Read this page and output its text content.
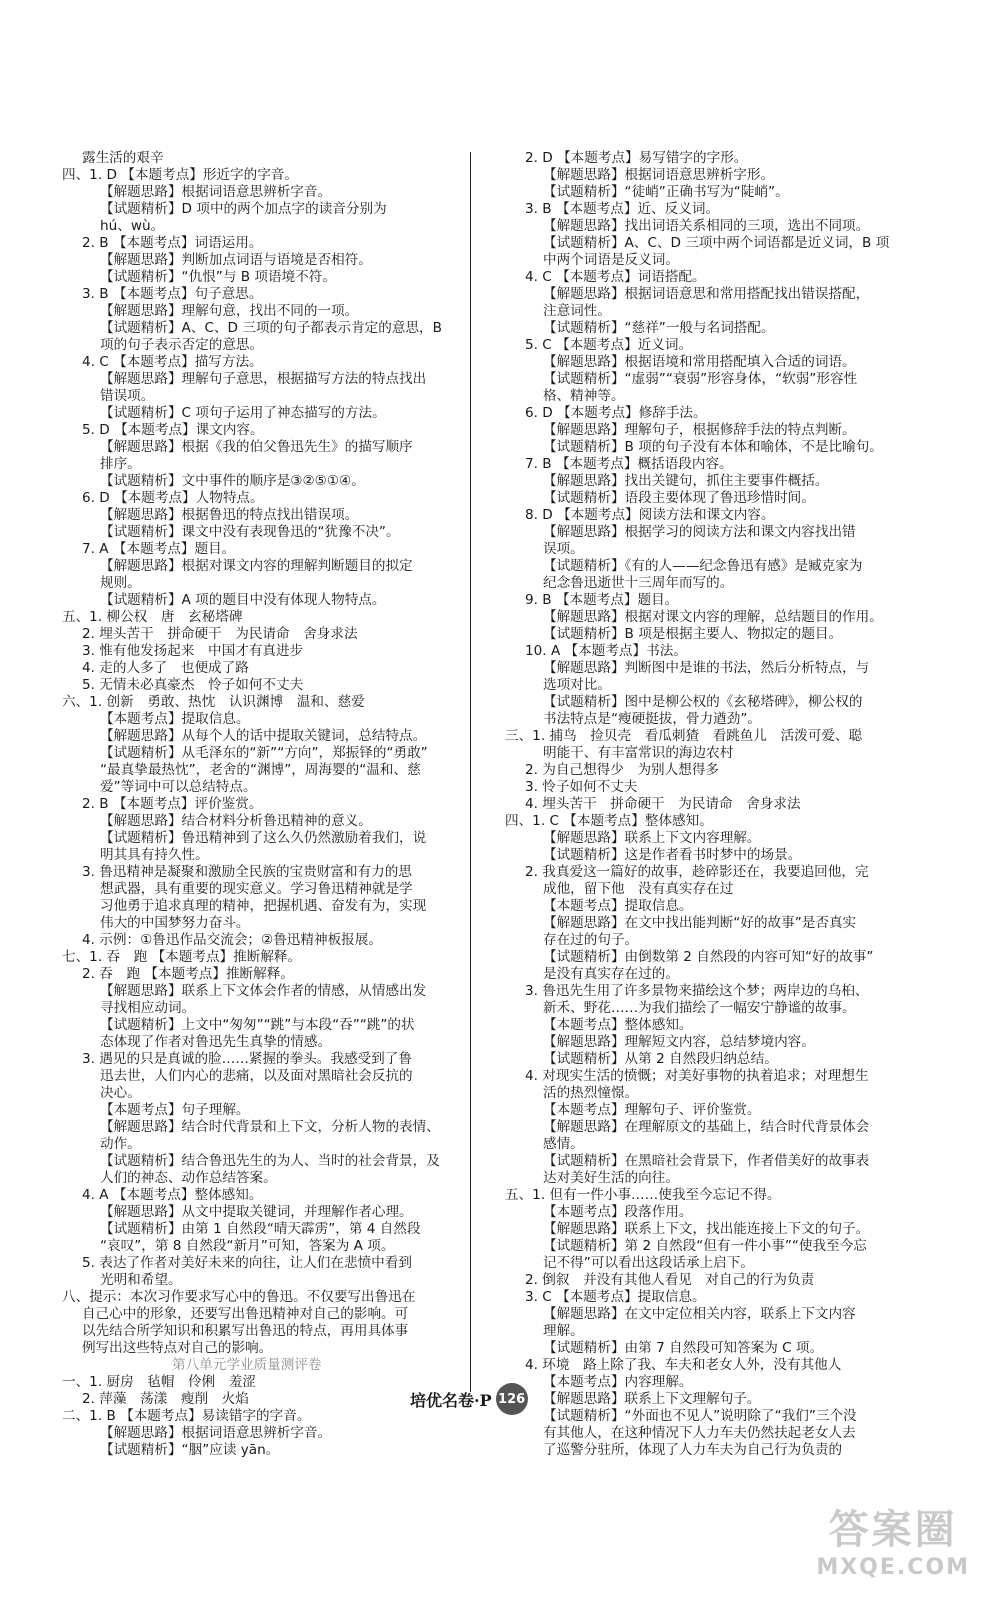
露生活的艰辛
四、1. D 【本题考点】形近字的字音。
【解题思路】根据词语意思辨析字音。
【试题精析】D 项中的两个加点字的读音分别为
hú、wù。
2. B 【本题考点】词语运用。
【解题思路】判断加点词语与语境是否相符。
【试题精析】“仇恨”与 B 项语境不符。
3. B 【本题考点】句子意思。
【解题思路】理解句意，找出不同的一项。
【试题精析】A、C、D 三项的句子都表示肯定的意思，B
项的句子表示否定的意思。
4. C 【本题考点】描写方法。
【解题思路】理解句子意思，根据描写方法的特点找出
错误项。
【试题精析】C 项句子运用了神态描写的方法。
5. D 【本题考点】课文内容。
【解题思路】根据《我的伯父鲁迅先生》的描写顺序
排序。
【试题精析】文中事件的顺序是③②⑤①④。
6. D 【本题考点】人物特点。
【解题思路】根据鲁迅的特点找出错误项。
【试题精析】课文中没有表现鲁迅的“犹豫不决”。
7. A 【本题考点】题目。
【解题思路】根据对课文内容的理解判断题目的拟定
规则。
【试题精析】A 项的题目中没有体现人物特点。
五、1. 柳公权　唐　玄秘塔碑
2. 埋头苦干　拼命硬干　为民请命　舍身求法
3. 惟有他发扬起来　中国才有真进步
4. 走的人多了　也便成了路
5. 无情未必真豪杰　怜子如何不丈夫
六、1. 创新　勇敢、热忱　认识渊博　温和、慈爱
【本题考点】提取信息。
【解题思路】从每个人的话中提取关键词，总结特点。
【试题精析】从毛泽东的“新”“方向”，郑振铎的“勇敢”
“最真挚最热忱”，老舍的“渊博”，周海婴的“温和、慈
爱”等词中可以总结特点。
2. B 【本题考点】评价鉴赏。
【解题思路】结合材料分析鲁迅精神的意义。
【试题精析】鲁迅精神到了这么久仍然激励着我们，说
明其具有持久性。
3. 鲁迅精神是凝聚和激励全民族的宝贵财富和有力的思
想武器，具有重要的现实意义。学习鲁迅精神就是学
习他勇于追求真理的精神，把握机遇、奋发有为，实现
伟大的中国梦努力奋斗。
4. 示例：①鲁迅作品交流会；②鲁迅精神板报展。
七、1. 吞　跑 【本题考点】推断解释。
2. 吞　跑 【本题考点】推断解释。
【解题思路】联系上下文体会作者的情感，从情感出发
寻找相应动词。
【试题精析】上文中“匆匆”“跳”与本段“吞”“跳”的状
态体现了作者对鲁迅先生真挚的情感。
3. 遇见的只是真诚的脸……紧握的拳头。我感受到了鲁
迅去世，人们内心的悲痛，以及面对黑暗社会反抗的
决心。
【本题考点】句子理解。
【解题思路】结合时代背景和上下文，分析人物的表情、
动作。
【试题精析】结合鲁迅先生的为人、当时的社会背景，及
人们的神态、动作总结答案。
4. A 【本题考点】整体感知。
【解题思路】从文中提取关键词，并理解作者心理。
【试题精析】由第 1 自然段“晴天霹雳”，第 4 自然段
“哀叹”，第 8 自然段“新月”可知，答案为 A 项。
5. 表达了作者对美好未来的向往，让人们在悲愤中看到
光明和希望。
八、提示：本次习作要求写心中的鲁迅。不仅要写出鲁迅在
自己心中的形象，还要写出鲁迅精神对自己的影响。可
以先结合所学知识和积累写出鲁迅的特点，再用具体事
例写出这些特点对自己的影响。
第八单元学业质量测评卷
一、1. 厨房　毡帽　伶俐　羞涩
2. 萍藻　荡漾　瘦削　火焰
二、1. B 【本题考点】易读错字的字音。
【解题思路】根据词语意思辨析字音。
【试题精析】“胭”应读 yān。
2. D 【本题考点】易写错字的字形。
【解题思路】根据词语意思辨析字形。
【试题精析】“徒峭”正确书写为“陡峭”。
3. B 【本题考点】近、反义词。
【解题思路】找出词语关系相同的三项，选出不同项。
【试题精析】A、C、D 三项中两个词语都是近义词，B 项
中两个词语是反义词。
4. C 【本题考点】词语搭配。
【解题思路】根据词语意思和常用搭配找出错误搭配，
注意词性。
【试题精析】“慈祥”一般与名词搭配。
5. C 【本题考点】近义词。
【解题思路】根据语境和常用搭配填入合适的词语。
【试题精析】“虚弱”“衰弱”形容身体，“软弱”形容性
格、精神等。
6. D 【本题考点】修辞手法。
【解题思路】理解句子，根据修辞手法的特点判断。
【试题精析】B 项的句子没有本体和喻体，不是比喻句。
7. B 【本题考点】概括语段内容。
【解题思路】找出关键句，抓住主要事件概括。
【试题精析】语段主要体现了鲁迅珍惜时间。
8. D 【本题考点】阅读方法和课文内容。
【解题思路】根据学习的阅读方法和课文内容找出错
误项。
【试题精析】《有的人——纪念鲁迅有感》是臧克家为
纪念鲁迅逝世十三周年而写的。
9. B 【本题考点】题目。
【解题思路】根据对课文内容的理解，总结题目的作用。
【试题精析】B 项是根据主要人、物拟定的题目。
10. A 【本题考点】书法。
【解题思路】判断图中是谁的书法，然后分析特点，与
选项对比。
【试题精析】图中是柳公权的《玄秘塔碑》，柳公权的
书法特点是“瘦硬挺拔，骨力遒劲”。
三、1. 捕鸟　捡贝壳　看瓜刺猹　看跳鱼儿　活泼可爱、聪
明能干、有丰富常识的海边农村
2. 为自己想得少　为别人想得多
3. 怜子如何不丈夫
4. 埋头苦干　拼命硬干　为民请命　舍身求法
四、1. C 【本题考点】整体感知。
【解题思路】联系上下文内容理解。
【试题精析】这是作者看书时梦中的场景。
2. 我真爱这一篇好的故事，趁碎影还在，我要追回他，完
成他，留下他　没有真实存在过
【本题考点】提取信息。
【解题思路】在文中找出能判断“好的故事”是否真实
存在过的句子。
【试题精析】由倒数第 2 自然段的内容可知“好的故事”
是没有真实存在过的。
3. 鲁迅先生用了许多景物来描绘这个梦；两岸边的乌桕、
新禾、野花……为我们描绘了一幅安宁静谧的故事。
【本题考点】整体感知。
【解题思路】理解短文内容，总结梦境内容。
【试题精析】从第 2 自然段归纳总结。
4. 对现实生活的愤慨；对美好事物的执着追求；对理想生
活的热烈憧憬。
【本题考点】理解句子、评价鉴赏。
【解题思路】在理解原文的基础上，结合时代背景体会
感情。
【试题精析】在黑暗社会背景下，作者借美好的故事表
达对美好生活的向往。
五、1. 但有一件小事……使我至今忘记不得。
【本题考点】段落作用。
【解题思路】联系上下文，找出能连接上下文的句子。
【试题精析】第 2 自然段“但有一件小事”“使我至今忘
记不得”可以看出这段话承上启下。
2. 倒叙　并没有其他人看见　对自己的行为负责
3. C 【本题考点】提取信息。
【解题思路】在文中定位相关内容，联系上下文内容
理解。
【试题精析】由第 7 自然段可知答案为 C 项。
4. 环境　路上除了我、车夫和老女人外，没有其他人
【本题考点】内容理解。
【解题思路】联系上下文理解句子。
【试题精析】“外面也不见人”说明除了“我们”三个没
有其他人，在这种情况下人力车夫仍然扶起老女人去
了巡警分驻所，体现了人力车夫为自己行为负责的
培优名卷·P 126
答案圈
MXQE.COM
